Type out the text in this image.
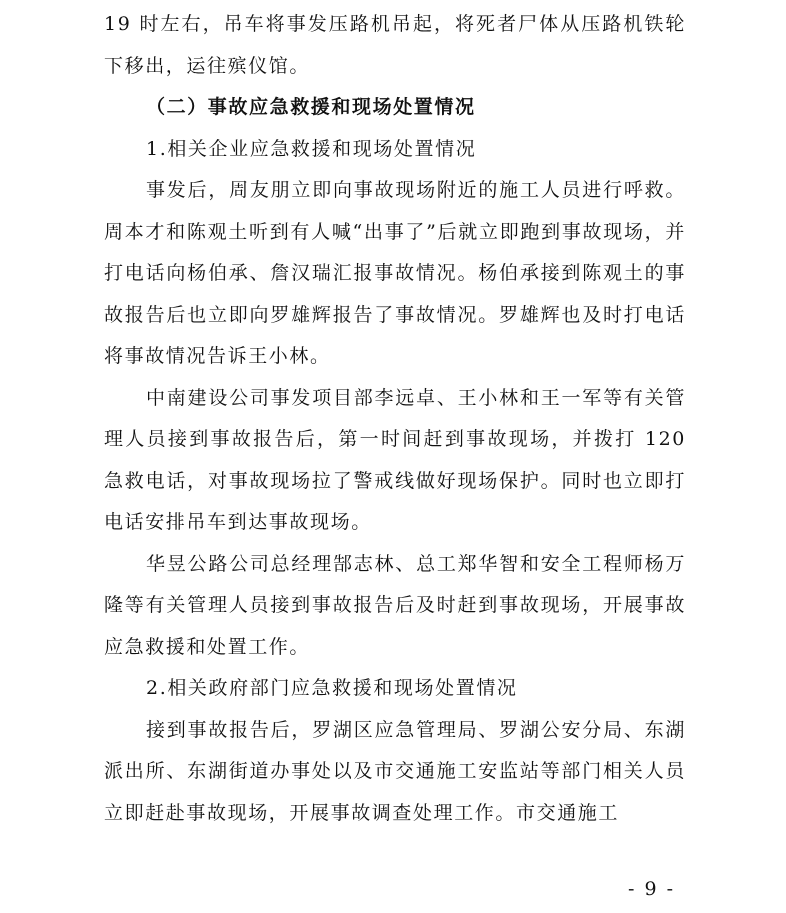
19 时左右，吊车将事发压路机吊起，将死者尸体从压路机铁轮下移出，运往殡仪馆。

（二）事故应急救援和现场处置情况

1.相关企业应急救援和现场处置情况

事发后，周友朋立即向事故现场附近的施工人员进行呼救。周本才和陈观土听到有人喊“出事了”后就立即跑到事故现场，并打电话向杨伯承、詹汉瑞汇报事故情况。杨伯承接到陈观土的事故报告后也立即向罗雄辉报告了事故情况。罗雄辉也及时打电话将事故情况告诉王小林。

中南建设公司事发项目部李远卓、王小林和王一军等有关管理人员接到事故报告后，第一时间赶到事故现场，并拨打 120 急救电话，对事故现场拉了警戒线做好现场保护。同时也立即打电话安排吊车到达事故现场。

华昱公路公司总经理郜志林、总工郑华智和安全工程师杨万隆等有关管理人员接到事故报告后及时赶到事故现场，开展事故应急救援和处置工作。

2.相关政府部门应急救援和现场处置情况

接到事故报告后，罗湖区应急管理局、罗湖公安分局、东湖派出所、东湖街道办事处以及市交通施工安监站等部门相关人员立即赶赴事故现场，开展事故调查处理工作。市交通施工

- 9 -
